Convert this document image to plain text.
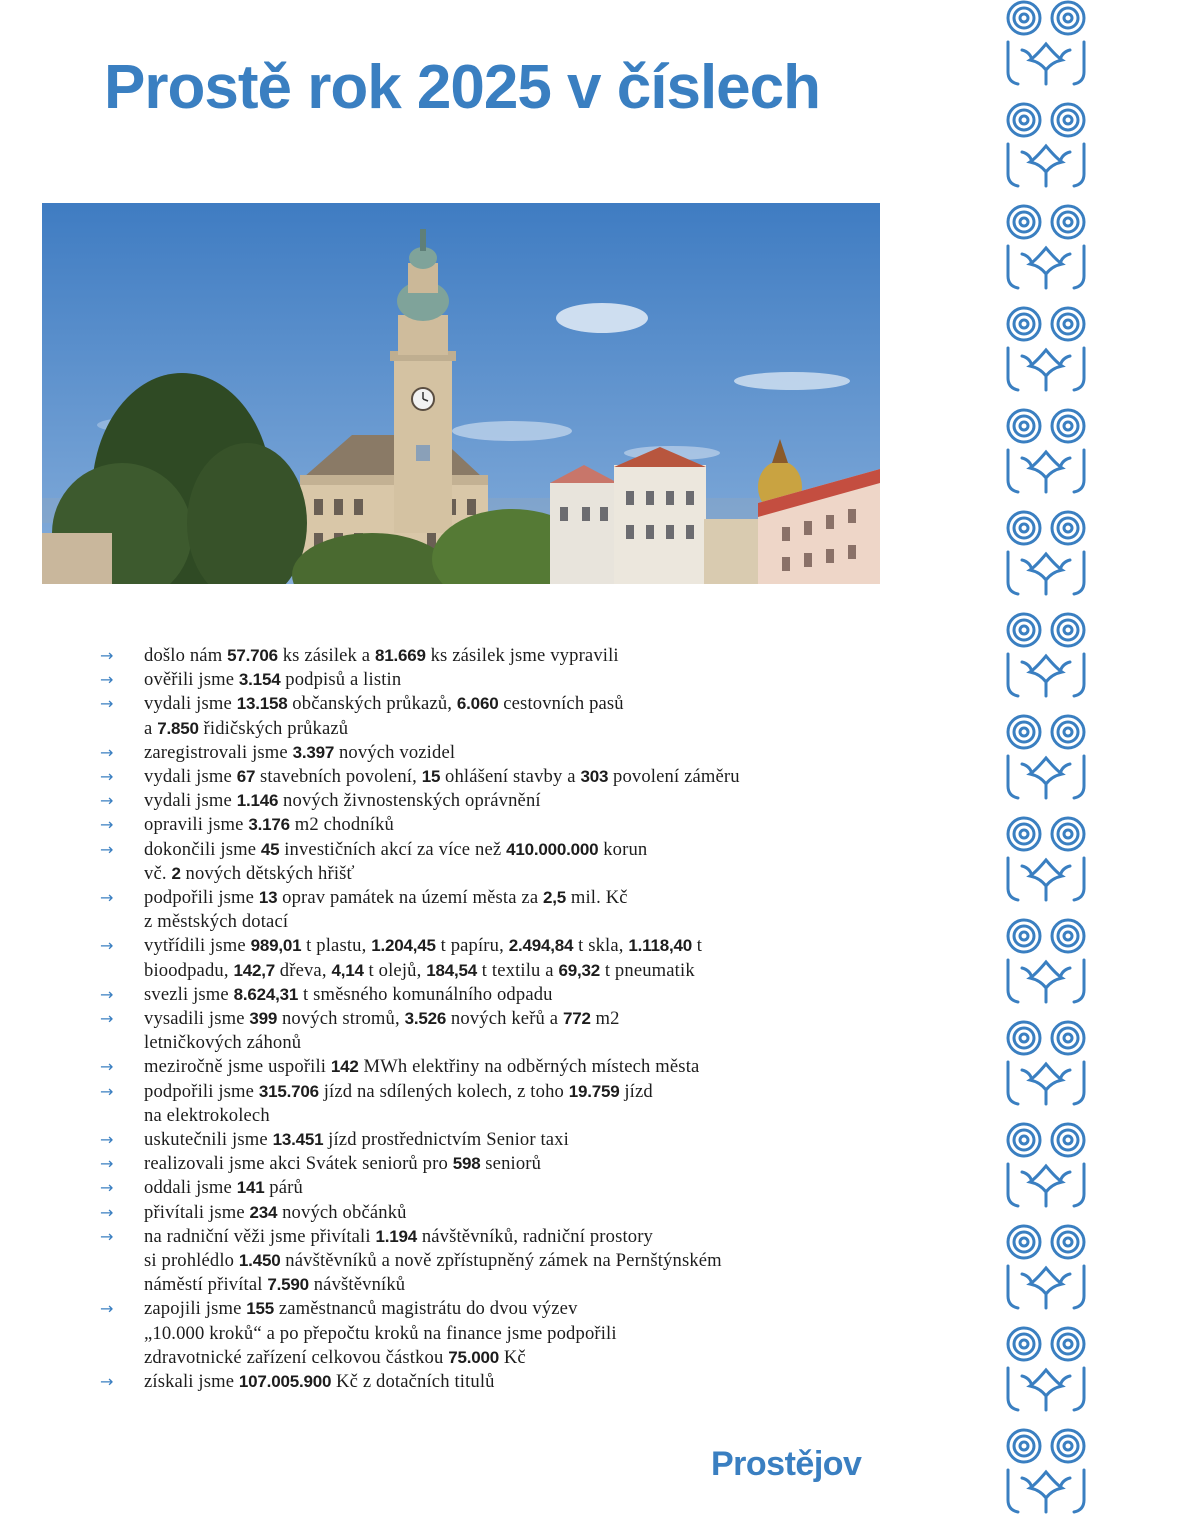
Prostě rok 2025 v číslech
→ došlo nám 57.706 ks zásilek a 81.669 ks zásilek jsme vypravili
→ ověřili jsme 3.154 podpisů a listin
→ vydali jsme 13.158 občanských průkazů, 6.060 cestovních pasů
a 7.850 řidičských průkazů
→ zaregistrovali jsme 3.397 nových vozidel
→ vydali jsme 67 stavebních povolení, 15 ohlášení stavby a 303 povolení záměru
→ vydali jsme 1.146 nových živnostenských oprávnění
→ opravili jsme 3.176 m2 chodníků
→ dokončili jsme 45 investičních akcí za více než 410.000.000 korun
vč. 2 nových dětských hřišť
→ podpořili jsme 13 oprav památek na území města za 2,5 mil. Kč
z městských dotací
→ vytřídili jsme 989,01 t plastu, 1.204,45 t papíru, 2.494,84 t skla, 1.118,40 t
bioodpadu, 142,7 dřeva, 4,14 t olejů, 184,54 t textilu a 69,32 t pneumatik
→ svezli jsme 8.624,31 t směsného komunálního odpadu
→ vysadili jsme 399 nových stromů, 3.526 nových keřů a 772 m2
letničkových záhonů
→ meziročně jsme uspořili 142 MWh elektřiny na odběrných místech města
→ podpořili jsme 315.706 jízd na sdílených kolech, z toho 19.759 jízd
na elektrokolech
→ uskutečnili jsme 13.451 jízd prostřednictvím Senior taxi
→ realizovali jsme akci Svátek seniorů pro 598 seniorů
→ oddali jsme 141 párů
→ přivítali jsme 234 nových občánků
→ na radniční věži jsme přivítali 1.194 návštěvníků, radniční prostory
si prohlédlo 1.450 návštěvníků a nově zpřístupněný zámek na Pernštýnském
náměstí přivítal 7.590 návštěvníků
→ zapojili jsme 155 zaměstnanců magistrátu do dvou výzev
„10.000 kroků“ a po přepočtu kroků na finance jsme podpořili
zdravotnické zařízení celkovou částkou 75.000 Kč
→ získali jsme 107.005.900 Kč z dotačních titulů
Prostějov
